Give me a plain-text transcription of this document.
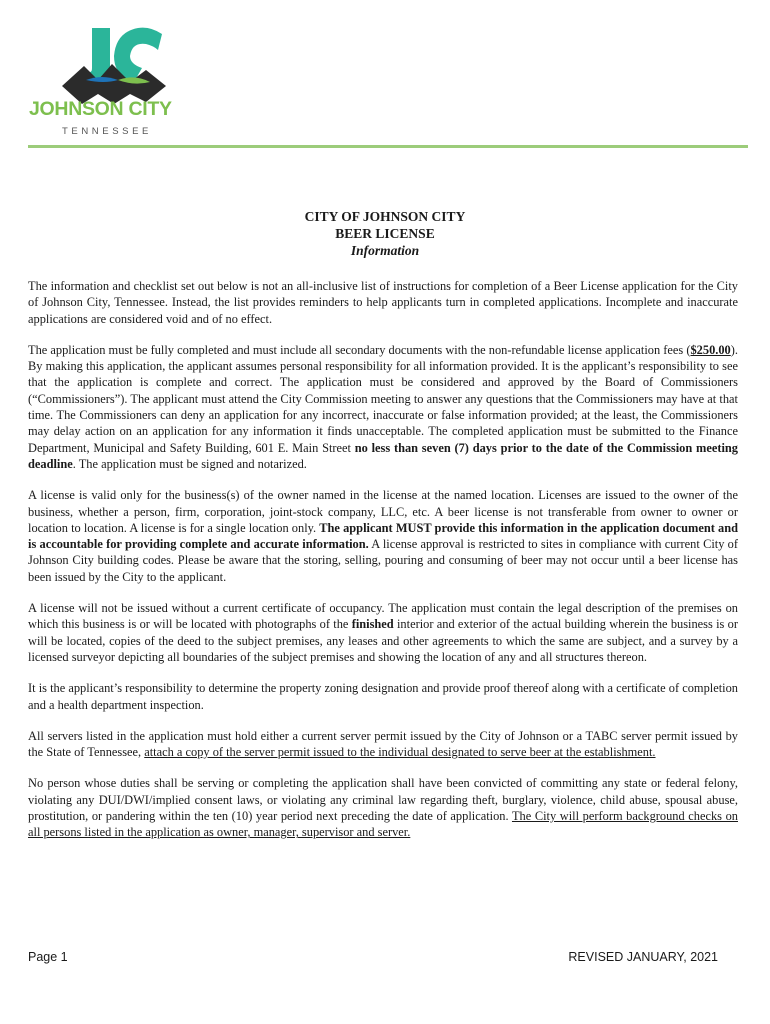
JOHNSON CITY
TENNESSEE
CITY OF JOHNSON CITY
BEER LICENSE
Information

The information and checklist set out below is not an all-inclusive list of instructions for completion of a Beer License application for the City of Johnson City, Tennessee. Instead, the list provides reminders to help applicants turn in completed applications. Incomplete and inaccurate applications are considered void and of no effect.

The application must be fully completed and must include all secondary documents with the non-refundable license application fees ($250.00). By making this application, the applicant assumes personal responsibility for all information provided. It is the applicant’s responsibility to see that the application is complete and correct. The application must be considered and approved by the Board of Commissioners (“Commissioners”). The applicant must attend the City Commission meeting to answer any questions that the Commissioners may have at that time. The Commissioners can deny an application for any incorrect, inaccurate or false information provided; at the least, the Commissioners may delay action on an application for any information it finds unacceptable. The completed application must be submitted to the Finance Department, Municipal and Safety Building, 601 E. Main Street no less than seven (7) days prior to the date of the Commission meeting deadline. The application must be signed and notarized.

A license is valid only for the business(s) of the owner named in the license at the named location. Licenses are issued to the owner of the business, whether a person, firm, corporation, joint-stock company, LLC, etc. A beer license is not transferable from owner to owner or location to location. A license is for a single location only. The applicant MUST provide this information in the application document and is accountable for providing complete and accurate information. A license approval is restricted to sites in compliance with current City of Johnson City building codes. Please be aware that the storing, selling, pouring and consuming of beer may not occur until a beer license has been issued by the City to the applicant.

A license will not be issued without a current certificate of occupancy. The application must contain the legal description of the premises on which this business is or will be located with photographs of the finished interior and exterior of the actual building wherein the business is or will be located, copies of the deed to the subject premises, any leases and other agreements to which the same are subject, and a survey by a licensed surveyor depicting all boundaries of the subject premises and showing the location of any and all structures thereon.

It is the applicant’s responsibility to determine the property zoning designation and provide proof thereof along with a certificate of completion and a health department inspection.

All servers listed in the application must hold either a current server permit issued by the City of Johnson or a TABC server permit issued by the State of Tennessee, attach a copy of the server permit issued to the individual designated to serve beer at the establishment.

No person whose duties shall be serving or completing the application shall have been convicted of committing any state or federal felony, violating any DUI/DWI/implied consent laws, or violating any criminal law regarding theft, burglary, violence, child abuse, spousal abuse, prostitution, or pandering within the ten (10) year period next preceding the date of application. The City will perform background checks on all persons listed in the application as owner, manager, supervisor and server.

Page 1	REVISED JANUARY, 2021
